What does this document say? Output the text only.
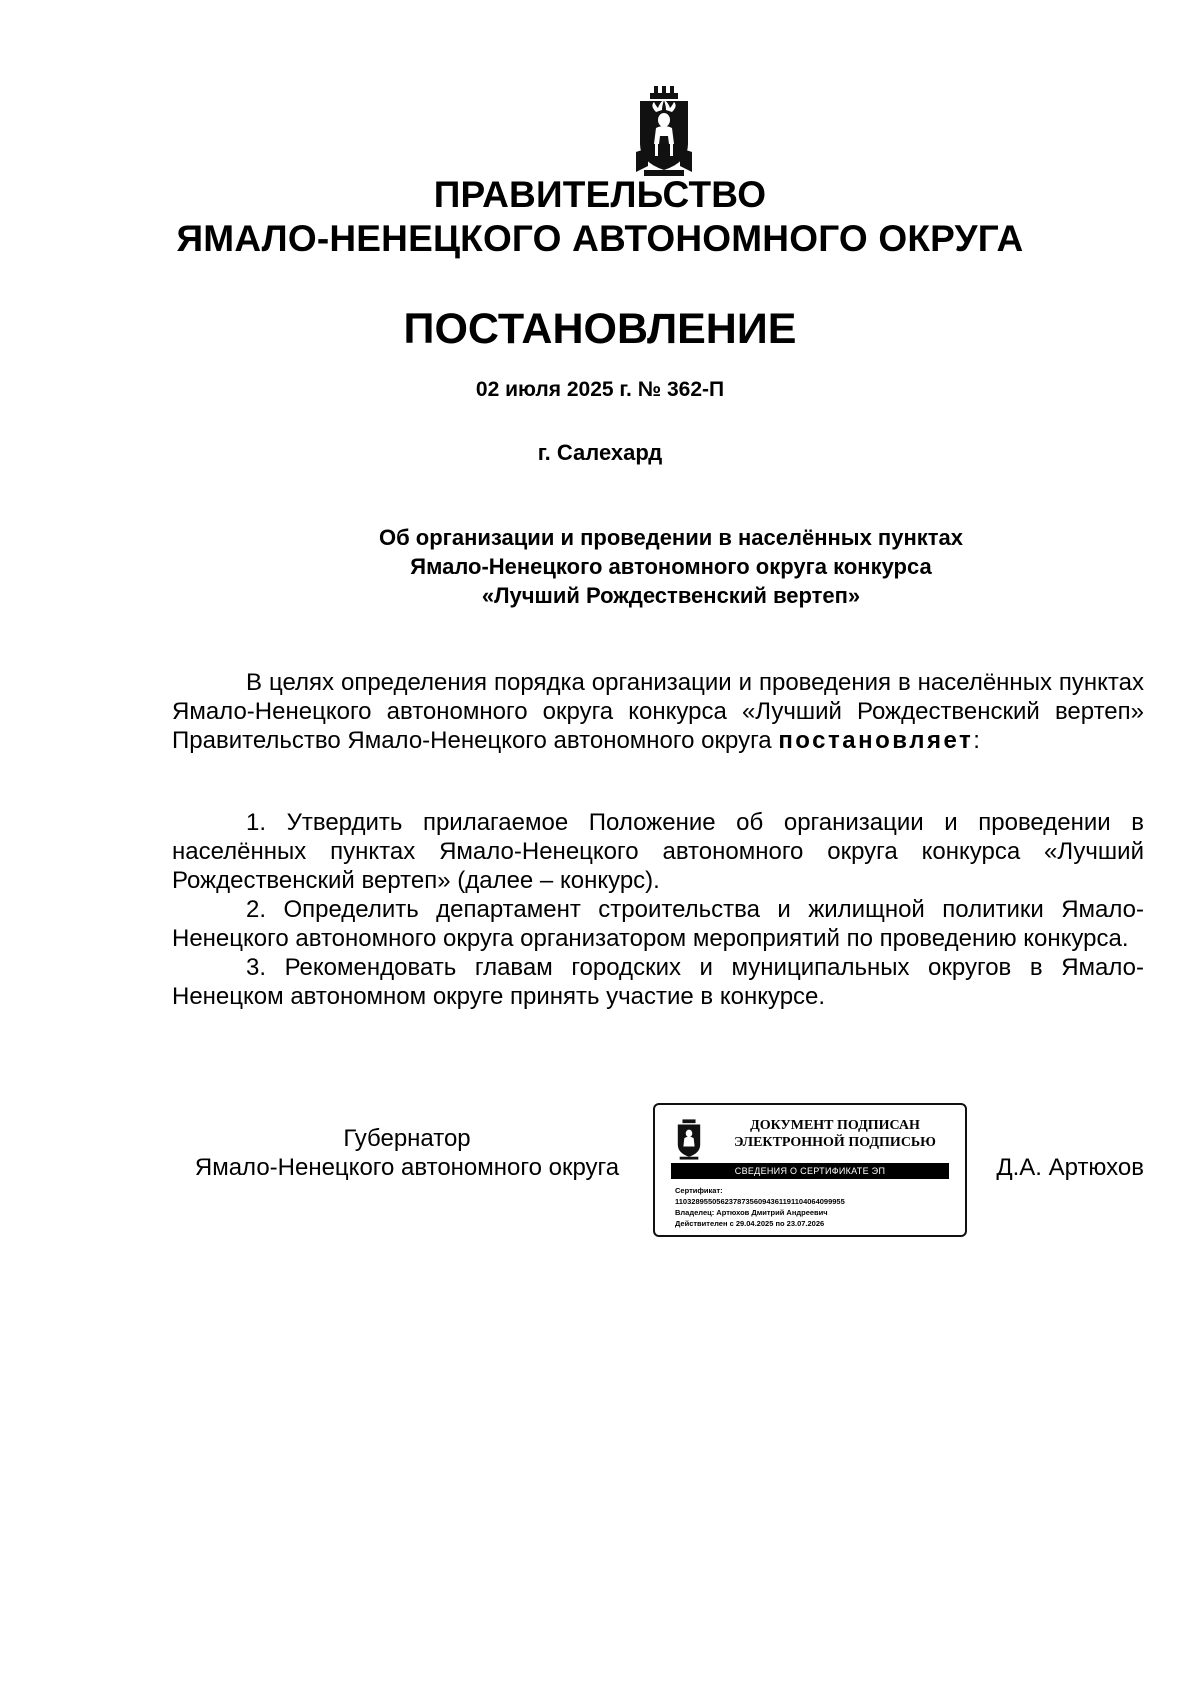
ПРАВИТЕЛЬСТВО
ЯМАЛО-НЕНЕЦКОГО АВТОНОМНОГО ОКРУГА
ПОСТАНОВЛЕНИЕ
02 июля 2025 г. № 362-П
г. Салехард
Об организации и проведении в населённых пунктах
Ямало-Ненецкого автономного округа конкурса
«Лучший Рождественский вертеп»

В целях определения порядка организации и проведения в населённых пунктах Ямало-Ненецкого автономного округа конкурса «Лучший Рождественский вертеп» Правительство Ямало-Ненецкого автономного округа постановляет:

1. Утвердить прилагаемое Положение об организации и проведении в населённых пунктах Ямало-Ненецкого автономного округа конкурса «Лучший Рождественский вертеп» (далее – конкурс).

2. Определить департамент строительства и жилищной политики Ямало-Ненецкого автономного округа организатором мероприятий по проведению конкурса.

3. Рекомендовать главам городских и муниципальных округов в Ямало-Ненецком автономном округе принять участие в конкурсе.

Губернатор
Ямало-Ненецкого автономного округа
ДОКУМЕНТ ПОДПИСАН
ЭЛЕКТРОННОЙ ПОДПИСЬЮ
СВЕДЕНИЯ О СЕРТИФИКАТЕ ЭП
Сертификат:
110328955056237873560943611911040640999​55
Владелец: Артюхов Дмитрий Андреевич
Действителен с 29.04.2025 по 23.07.2026
Д.А. Артюхов
